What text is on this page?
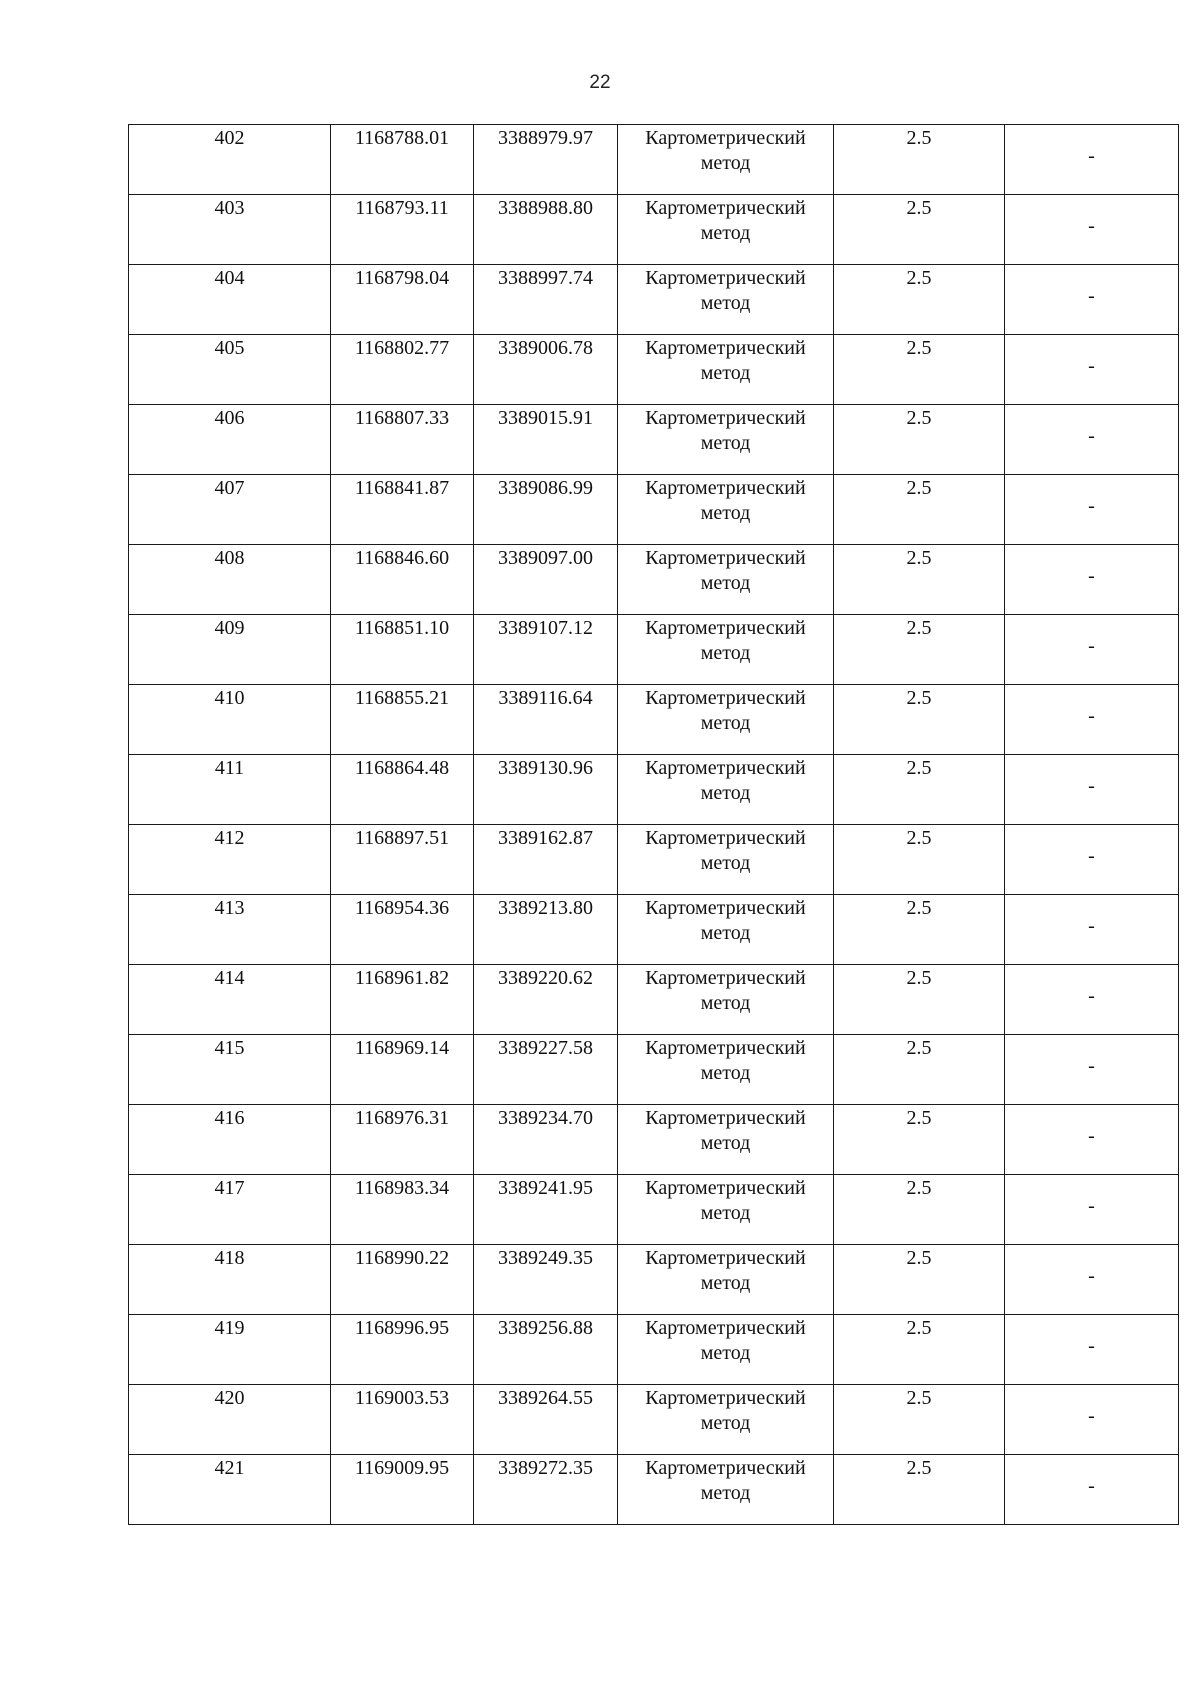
22
402	1168788.01	3388979.97	Картометрический
метод	2.5	-

403	1168793.11	3388988.80	Картометрический
метод	2.5	-

404	1168798.04	3388997.74	Картометрический
метод	2.5	-

405	1168802.77	3389006.78	Картометрический
метод	2.5	-

406	1168807.33	3389015.91	Картометрический
метод	2.5	-

407	1168841.87	3389086.99	Картометрический
метод	2.5	-

408	1168846.60	3389097.00	Картометрический
метод	2.5	-

409	1168851.10	3389107.12	Картометрический
метод	2.5	-

410	1168855.21	3389116.64	Картометрический
метод	2.5	-

411	1168864.48	3389130.96	Картометрический
метод	2.5	-

412	1168897.51	3389162.87	Картометрический
метод	2.5	-

413	1168954.36	3389213.80	Картометрический
метод	2.5	-

414	1168961.82	3389220.62	Картометрический
метод	2.5	-

415	1168969.14	3389227.58	Картометрический
метод	2.5	-

416	1168976.31	3389234.70	Картометрический
метод	2.5	-

417	1168983.34	3389241.95	Картометрический
метод	2.5	-

418	1168990.22	3389249.35	Картометрический
метод	2.5	-

419	1168996.95	3389256.88	Картометрический
метод	2.5	-

420	1169003.53	3389264.55	Картометрический
метод	2.5	-

421	1169009.95	3389272.35	Картометрический
метод	2.5	-
